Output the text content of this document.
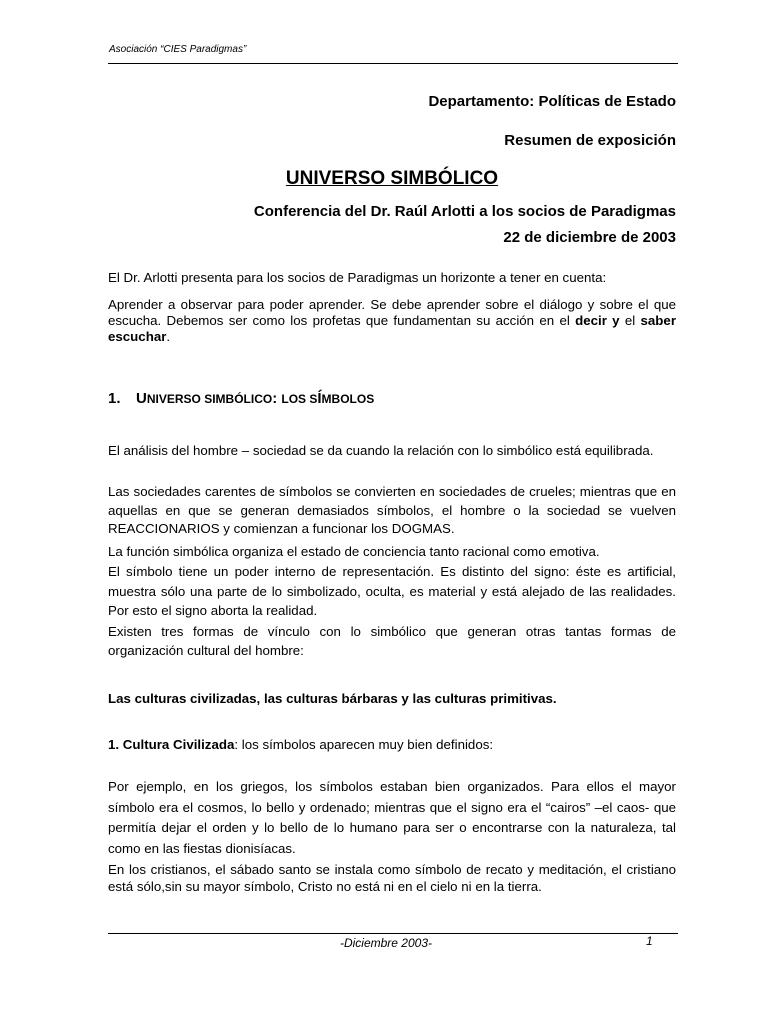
Asociación “CIES Paradigmas”
Departamento: Políticas de Estado
Resumen de exposición
UNIVERSO SIMBÓLICO
Conferencia del Dr. Raúl Arlotti a los socios de Paradigmas
22 de diciembre de 2003
El Dr. Arlotti presenta para los socios de Paradigmas un horizonte a tener en cuenta:
Aprender a observar para poder aprender. Se debe aprender sobre el diálogo y sobre el que escucha. Debemos ser como los profetas que fundamentan su acción en el decir y el saber escuchar.
1. UNIVERSO SIMBÓLICO: LOS SÍMBOLOS
El análisis del hombre – sociedad se da cuando la relación con lo simbólico está equilibrada.
Las sociedades carentes de símbolos se convierten en sociedades de crueles; mientras que en aquellas en que se generan demasiados símbolos, el hombre o la sociedad se vuelven REACCIONARIOS y comienzan a funcionar los DOGMAS.
La función simbólica organiza el estado de conciencia tanto racional como emotiva.
El símbolo tiene un poder interno de representación. Es distinto del signo: éste es artificial, muestra sólo una parte de lo simbolizado, oculta, es material y está alejado de las realidades. Por esto el signo aborta la realidad.
Existen tres formas de vínculo con lo simbólico que generan otras tantas formas de organización cultural del hombre:
Las culturas civilizadas, las culturas bárbaras y las culturas primitivas.
1. Cultura Civilizada: los símbolos aparecen muy bien definidos:
Por ejemplo, en los griegos, los símbolos estaban bien organizados. Para ellos el mayor símbolo era el cosmos, lo bello y ordenado; mientras que el signo era el “cairos” –el caos- que permitía dejar el orden y lo bello de lo humano para ser o encontrarse con la naturaleza, tal como en las fiestas dionisíacas.
En los cristianos, el sábado santo se instala como símbolo de recato y meditación, el cristiano está sólo,sin su mayor símbolo, Cristo no está ni en el cielo ni en la tierra.
-Diciembre 2003-	1
